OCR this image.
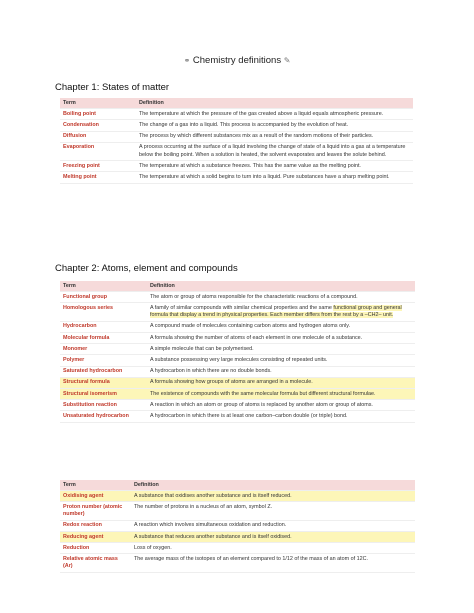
⚭ Chemistry definitions ✎
Chapter 1: States of matter
Term	Definition
Boiling point	The temperature at which the pressure of the gas created above a liquid equals atmospheric pressure.
Condensation	The change of a gas into a liquid. This process is accompanied by the evolution of heat.
Diffusion	The process by which different substances mix as a result of the random motions of their particles.
Evaporation	A process occurring at the surface of a liquid involving the change of state of a liquid into a gas at a temperature below the boiling point. When a solution is heated, the solvent evaporates and leaves the solute behind.
Freezing point	The temperature at which a substance freezes. This has the same value as the melting point.
Melting point	The temperature at which a solid begins to turn into a liquid. Pure substances have a sharp melting point.
Chapter 2: Atoms, element and compounds
Term	Definition
Functional group	The atom or group of atoms responsible for the characteristic reactions of a compound.
Homologous series	A family of similar compounds with similar chemical properties and the same functional group and general formula that display a trend in physical properties. Each member differs from the rest by a –CH2– unit.
Hydrocarbon	A compound made of molecules containing carbon atoms and hydrogen atoms only.
Molecular formula	A formula showing the number of atoms of each element in one molecule of a substance.
Monomer	A simple molecule that can be polymerised.
Polymer	A substance possessing very large molecules consisting of repeated units.
Saturated hydrocarbon	A hydrocarbon in which there are no double bonds.
Structural formula	A formula showing how groups of atoms are arranged in a molecule.
Structural isomerism	The existence of compounds with the same molecular formula but different structural formulae.
Substitution reaction	A reaction in which an atom or group of atoms is replaced by another atom or group of atoms.
Unsaturated hydrocarbon	A hydrocarbon in which there is at least one carbon–carbon double (or triple) bond.
Term	Definition
Oxidising agent	A substance that oxidises another substance and is itself reduced.
Proton number (atomic number)	The number of protons in a nucleus of an atom, symbol Z.
Redox reaction	A reaction which involves simultaneous oxidation and reduction.
Reducing agent	A substance that reduces another substance and is itself oxidised.
Reduction	Loss of oxygen.
Relative atomic mass (Ar)	The average mass of the isotopes of an element compared to 1/12 of the mass of an atom of 12C.
